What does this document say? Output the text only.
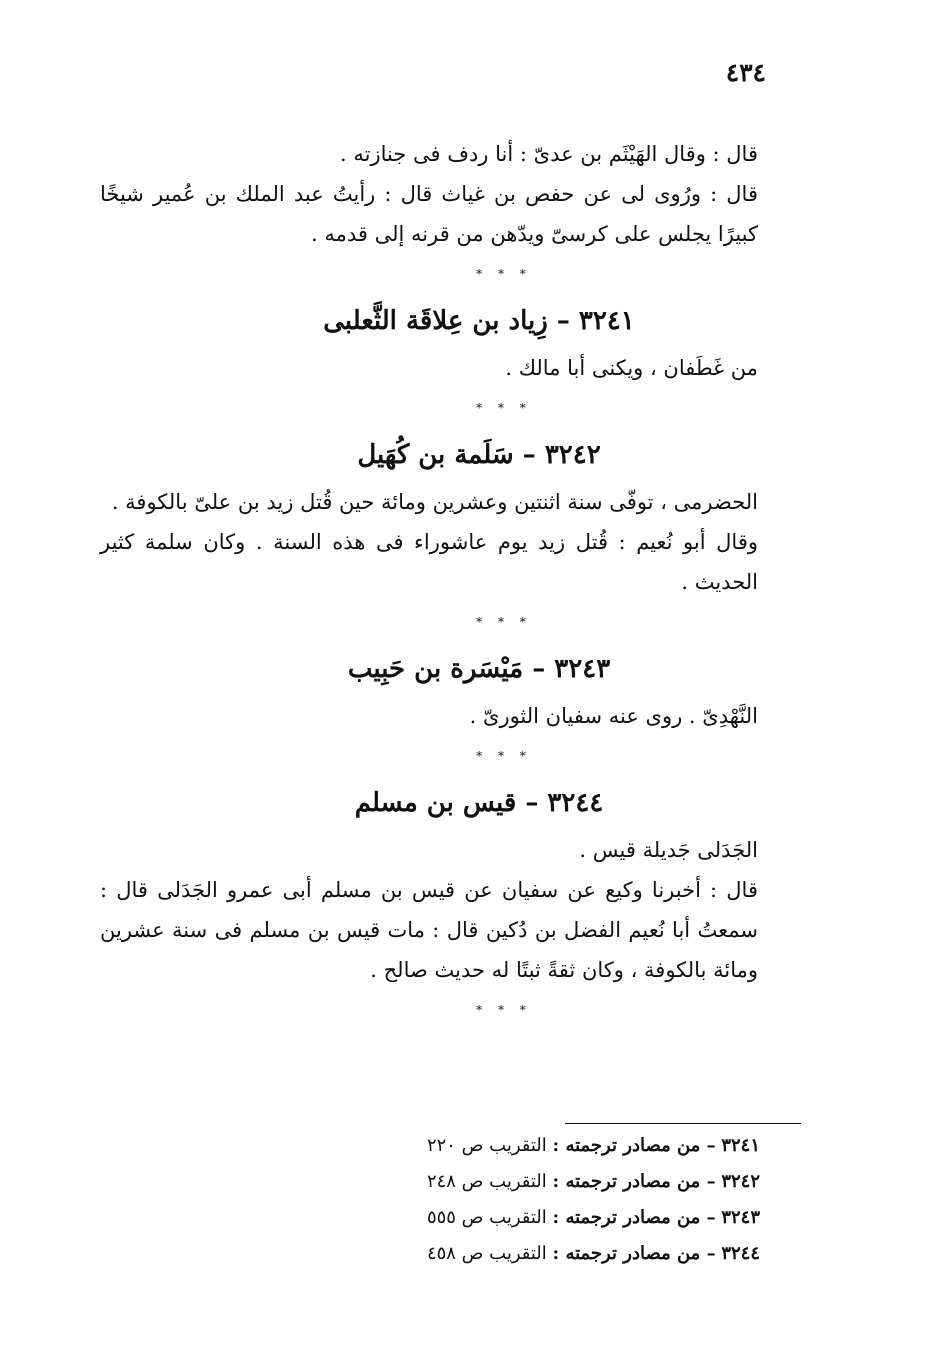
٤٣٤

قال : وقال الهَيْثَم بن عدىّ : أنا ردف فى جنازته .

قال : ورُوى لى عن حفص بن غياث قال : رأيتُ عبد الملك بن عُمير شيخًا كبيرًا يجلس على كرسىّ ويدّهن من قرنه إلى قدمه .

* * *
٣٢٤١ – زِياد بن عِلاقَة الثَّعلبى

من غَطَفان ، ويكنى أبا مالك .

* * *
٣٢٤٢ – سَلَمة بن كُهَيل

الحضرمى ، توفّى سنة اثنتين وعشرين ومائة حين قُتل زيد بن علىّ بالكوفة .

وقال أبو نُعيم : قُتل زيد يوم عاشوراء فى هذه السنة . وكان سلمة كثير الحديث .

* * *
٣٢٤٣ – مَيْسَرة بن حَبِيب

النَّهْدِىّ . روى عنه سفيان الثورىّ .

* * *
٣٢٤٤ – قيس بن مسلم

الجَدَلى جَديلة قيس .

قال : أخبرنا وكيع عن سفيان عن قيس بن مسلم أبى عمرو الجَدَلى قال : سمعتُ أبا نُعيم الفضل بن دُكين قال : مات قيس بن مسلم فى سنة عشرين ومائة بالكوفة ، وكان ثقةً ثبتًا له حديث صالح .

* * *
٣٢٤١ – من مصادر ترجمته : التقريب ص ٢٢٠
٣٢٤٢ – من مصادر ترجمته : التقريب ص ٢٤٨
٣٢٤٣ – من مصادر ترجمته : التقريب ص ٥٥٥
٣٢٤٤ – من مصادر ترجمته : التقريب ص ٤٥٨
